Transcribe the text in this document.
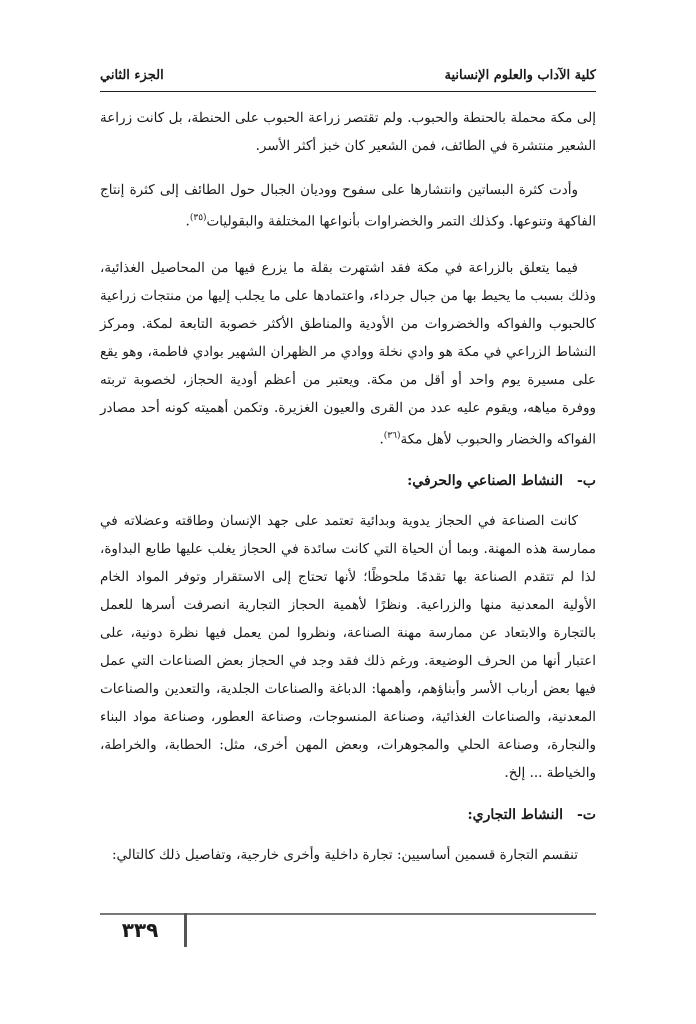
كلية الآداب والعلوم الإنسانية
الجزء الثاني

إلى مكة محملة بالحنطة والحبوب. ولم تقتصر زراعة الحبوب على الحنطة، بل كانت زراعة الشعير منتشرة في الطائف، فمن الشعير كان خبز أكثر الأسر.

وأدت كثرة البساتين وانتشارها على سفوح ووديان الجبال حول الطائف إلى كثرة إنتاج الفاكهة وتنوعها. وكذلك التمر والخضراوات بأنواعها المختلفة والبقوليات$^{(٣٥)}$.

فيما يتعلق بالزراعة في مكة فقد اشتهرت بقلة ما يزرع فيها من المحاصيل الغذائية، وذلك بسبب ما يحيط بها من جبال جرداء، واعتمادها على ما يجلب إليها من منتجات زراعية كالحبوب والفواكه والخضروات من الأودية والمناطق الأكثر خصوبة التابعة لمكة. ومركز النشاط الزراعي في مكة هو وادي نخلة ووادي مر الظهران الشهير بوادي فاطمة، وهو يقع على مسيرة يوم واحد أو أقل من مكة. ويعتبر من أعظم أودية الحجاز، لخصوبة تربته ووفرة مياهه، ويقوم عليه عدد من القرى والعيون الغزيرة. وتكمن أهميته كونه أحد مصادر الفواكه والخضار والحبوب لأهل مكة$^{(٣٦)}$.

ب-النشاط الصناعي والحرفي:

كانت الصناعة في الحجاز يدوية وبدائية تعتمد على جهد الإنسان وطاقته وعضلاته في ممارسة هذه المهنة. وبما أن الحياة التي كانت سائدة في الحجاز يغلب عليها طابع البداوة، لذا لم تتقدم الصناعة بها تقدمًا ملحوظًا؛ لأنها تحتاج إلى الاستقرار وتوفر المواد الخام الأولية المعدنية منها والزراعية. ونظرًا لأهمية الحجاز التجارية انصرفت أسرها للعمل بالتجارة والابتعاد عن ممارسة مهنة الصناعة، ونظروا لمن يعمل فيها نظرة دونية، على اعتبار أنها من الحرف الوضيعة. ورغم ذلك فقد وجد في الحجاز بعض الصناعات التي عمل فيها بعض أرباب الأسر وأبناؤهم، وأهمها: الدباغة والصناعات الجلدية، والتعدين والصناعات المعدنية، والصناعات الغذائية، وصناعة المنسوجات، وصناعة العطور، وصناعة مواد البناء والنجارة، وصناعة الحلي والمجوهرات، وبعض المهن أخرى، مثل: الحطابة، والخراطة، والخياطة ... إلخ.

ت-النشاط التجاري:

تنقسم التجارة قسمين أساسيين: تجارة داخلية وأخرى خارجية، وتفاصيل ذلك كالتالي:

٣٣٩
